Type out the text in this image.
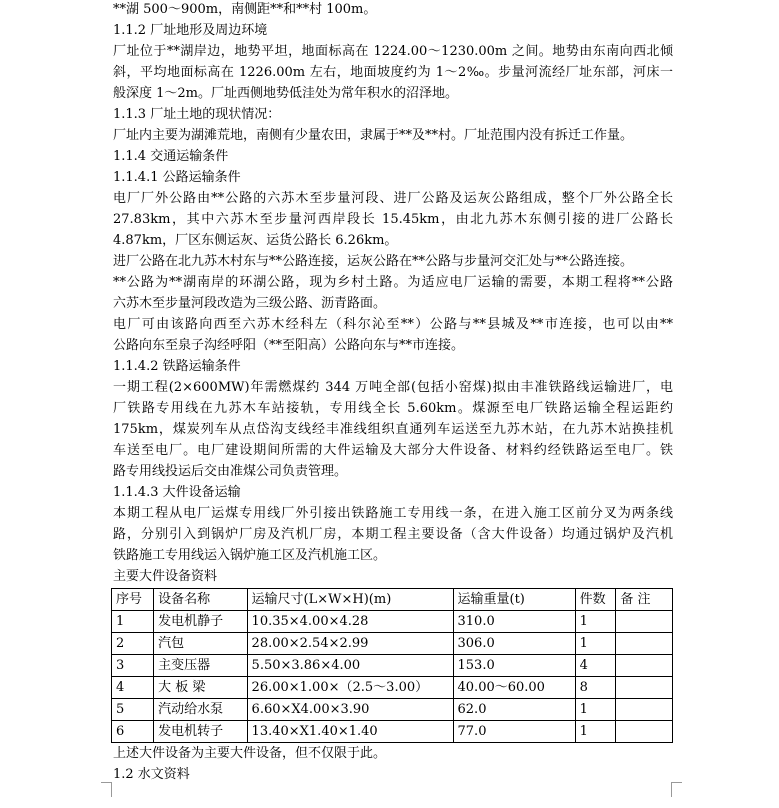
**湖 500～900m，南侧距**和**村 100m。
1.1.2 厂址地形及周边环境
厂址位于**湖岸边，地势平坦，地面标高在 1224.00～1230.00m 之间。地势由东南向西北倾
斜，平均地面标高在 1226.00m 左右，地面坡度约为 1～2‰。步量河流经厂址东部，河床一
般深度 1～2m。厂址西侧地势低洼处为常年积水的沼泽地。
1.1.3 厂址土地的现状情况：
厂址内主要为湖滩荒地，南侧有少量农田，隶属于**及**村。厂址范围内没有拆迁工作量。
1.1.4 交通运输条件
1.1.4.1 公路运输条件
电厂厂外公路由**公路的六苏木至步量河段、进厂公路及运灰公路组成，整个厂外公路全长
27.83km，其中六苏木至步量河西岸段长 15.45km，由北九苏木东侧引接的进厂公路长
4.87km，厂区东侧运灰、运货公路长 6.26km。
进厂公路在北九苏木村东与**公路连接，运灰公路在**公路与步量河交汇处与**公路连接。
**公路为**湖南岸的环湖公路，现为乡村土路。为适应电厂运输的需要，本期工程将**公路
六苏木至步量河段改造为三级公路、沥青路面。
电厂可由该路向西至六苏木经科左（科尔沁至**）公路与**县城及**市连接，也可以由**
公路向东至泉子沟经呼阳（**至阳高）公路向东与**市连接。
1.1.4.2 铁路运输条件
一期工程(2×600MW)年需燃煤约 344 万吨全部(包括小窑煤)拟由丰准铁路线运输进厂，电
厂铁路专用线在九苏木车站接轨，专用线全长 5.60km。煤源至电厂铁路运输全程运距约
175km，煤炭列车从点岱沟支线经丰准线组织直通列车运送至九苏木站，在九苏木站换挂机
车送至电厂。电厂建设期间所需的大件运输及大部分大件设备、材料约经铁路运至电厂。铁
路专用线投运后交由准煤公司负责管理。
1.1.4.3 大件设备运输
本期工程从电厂运煤专用线厂外引接出铁路施工专用线一条，在进入施工区前分叉为两条线
路，分别引入到锅炉厂房及汽机厂房，本期工程主要设备（含大件设备）均通过锅炉及汽机
铁路施工专用线运入锅炉施工区及汽机施工区。
主要大件设备资料
序号	设备名称	运输尺寸(L×W×H)(m)	运输重量(t)	件数	备 注
1	发电机静子	10.35×4.00×4.28	310.0	1	
2	汽包	28.00×2.54×2.99	306.0	1	
3	主变压器	5.50×3.86×4.00	153.0	4	
4	大 板 梁	26.00×1.00×（2.5～3.00）	40.00～60.00	8	
5	汽动给水泵	6.60×X4.00×3.90	62.0	1	
6	发电机转子	13.40×X1.40×1.40	77.0	1	
上述大件设备为主要大件设备，但不仅限于此。
1.2 水文资料
